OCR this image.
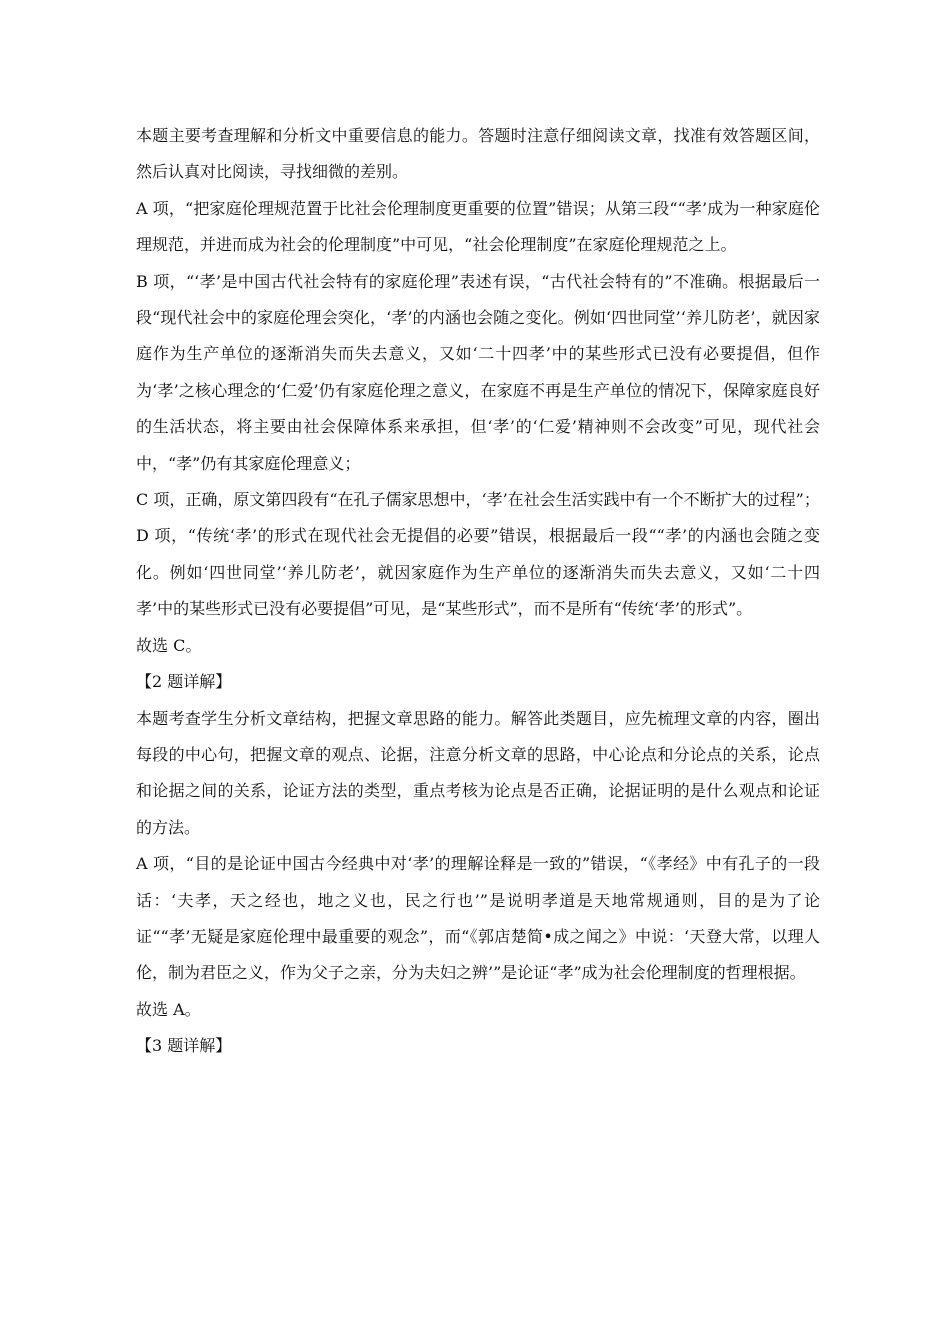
本题主要考查理解和分析文中重要信息的能力。答题时注意仔细阅读文章，找准有效答题区间，然后认真对比阅读，寻找细微的差别。

A 项，“把家庭伦理规范置于比社会伦理制度更重要的位置”错误；从第三段““孝’成为一种家庭伦理规范，并进而成为社会的伦理制度”中可见，“社会伦理制度”在家庭伦理规范之上。

B 项，“‘孝’是中国古代社会特有的家庭伦理”表述有误，“古代社会特有的”不准确。根据最后一段“现代社会中的家庭伦理会突化，‘孝’的内涵也会随之变化。例如‘四世同堂’‘养儿防老’，就因家庭作为生产单位的逐渐消失而失去意义，又如‘二十四孝’中的某些形式已没有必要提倡，但作为‘孝’之核心理念的‘仁爱’仍有家庭伦理之意义，在家庭不再是生产单位的情况下，保障家庭良好的生活状态，将主要由社会保障体系来承担，但‘孝’的‘仁爱’精神则不会改变”可见，现代社会中，“孝”仍有其家庭伦理意义；

C 项，正确，原文第四段有“在孔子儒家思想中，‘孝’在社会生活实践中有一个不断扩大的过程”；

D 项，“传统‘孝’的形式在现代社会无提倡的必要”错误，根据最后一段““孝’的内涵也会随之变化。例如‘四世同堂’‘养儿防老’，就因家庭作为生产单位的逐渐消失而失去意义，又如‘二十四孝’中的某些形式已没有必要提倡”可见，是“某些形式”，而不是所有“传统‘孝’的形式”。

故选 C。

【2 题详解】

本题考查学生分析文章结构，把握文章思路的能力。解答此类题目，应先梳理文章的内容，圈出每段的中心句，把握文章的观点、论据，注意分析文章的思路，中心论点和分论点的关系，论点和论据之间的关系，论证方法的类型，重点考核为论点是否正确，论据证明的是什么观点和论证的方法。

A 项，“目的是论证中国古今经典中对‘孝’的理解诠释是一致的”错误，“《孝经》中有孔子的一段话：‘夫孝，天之经也，地之义也，民之行也’”是说明孝道是天地常规通则，目的是为了论证““孝’无疑是家庭伦理中最重要的观念”，而“《郭店楚简•成之闻之》中说：‘天登大常，以理人伦，制为君臣之义，作为父子之亲，分为夫妇之辨’”是论证“孝”成为社会伦理制度的哲理根据。

故选 A。

【3 题详解】
